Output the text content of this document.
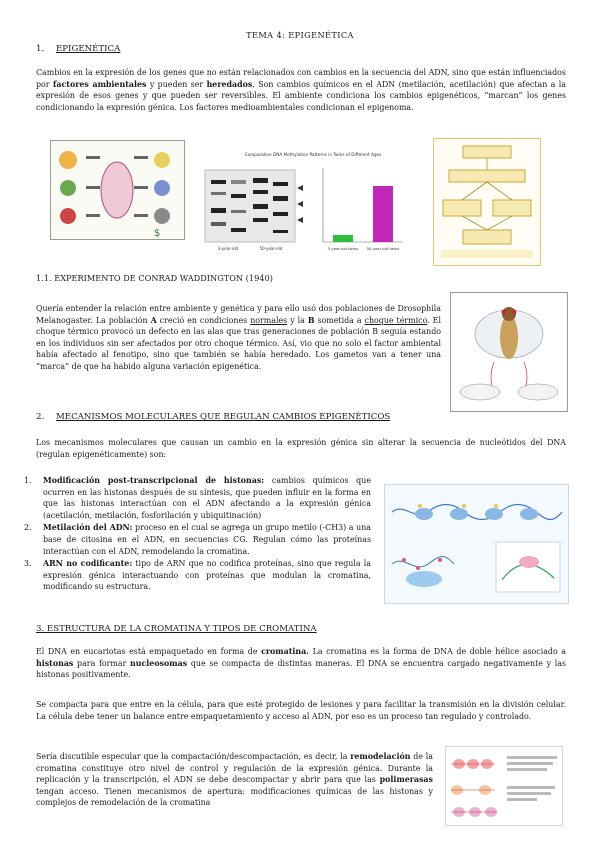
TEMA 4: EPIGENÉTICA
1. EPIGENÉTICA
Cambios en la expresión de los genes que no están relacionados con cambios en la secuencia del ADN, sino que están influenciados por factores ambientales y pueden ser heredados. Son cambios químicos en el ADN (metilación, acetilación) que afectan a la expresión de esos genes y que pueden ser reversibles. El ambiente condiciona los cambios epigenéticos, “marcan” los genes condicionando la expresión génica. Los factores medioambientales condicionan el epigenoma.
$
Comparative DNA Methylation Patterns in Twins of Different Ages
3-year-old	50-year-old	3-year-old twins 50-year-old twins
1.1. EXPERIMENTO DE CONRAD WADDINGTON (1940)
Quería entender la relación entre ambiente y genética y para ello usó dos poblaciones de Drosophila Melanogaster. La población A creció en condiciones normales y la B sometida a choque térmico. El choque térmico provocó un defecto en las alas que tras generaciones de población B seguía estando en los individuos sin ser afectados por otro choque térmico. Así, vio que no solo el factor ambiental había afectado al fenotipo, sino que también se había heredado. Los gametos van a tener una “marca” de que ha habido alguna variación epigenética.
2. MECANISMOS MOLECULARES QUE REGULAN CAMBIOS EPIGENÉTICOS
Los mecanismos moleculares que causan un cambio en la expresión génica sin alterar la secuencia de nucleótidos del DNA (regulan epigenéticamente) son:
1. Modificación post-transcripcional de histonas: cambios químicos que ocurren en las histonas después de su síntesis, que pueden influir en la forma en que las histonas interactúan con el ADN afectando a la expresión génica (acetilación, metilación, fosforilación y ubiquitinación)
2. Metilación del ADN: proceso en el cual se agrega un grupo metilo (-CH3) a una base de citosina en el ADN, en secuencias CG. Regulan cómo las proteínas interactúan con el ADN, remodelando la cromatina.
3. ARN no codificante: tipo de ARN que no codifica proteínas, sino que regula la expresión génica interactuando con proteínas que modulan la cromatina, modificando su estructura.
3. ESTRUCTURA DE LA CROMATINA Y TIPOS DE CROMATINA
El DNA en eucariotas está empaquetado en forma de cromatina. La cromatina es la forma de DNA de doble hélice asociado a histonas para formar nucleosomas que se compacta de distintas maneras. El DNA se encuentra cargado negativamente y las histonas positivamente.
Se compacta para que entre en la célula, para que esté protegido de lesiones y para facilitar la transmisión en la división celular. La célula debe tener un balance entre empaquetamiento y acceso al ADN, por eso es un proceso tan regulado y controlado.
Sería discutible especular que la compactación/descompactación, es decir, la remodelación de la cromatina constituye otro nivel de control y regulación de la expresión génica. Durante la replicación y la transcripción, el ADN se debe descompactar y abrir para que las polimerasas tengan acceso. Tienen mecanismos de apertura: modificaciones químicas de las histonas y complejos de remodelación de la cromatina
